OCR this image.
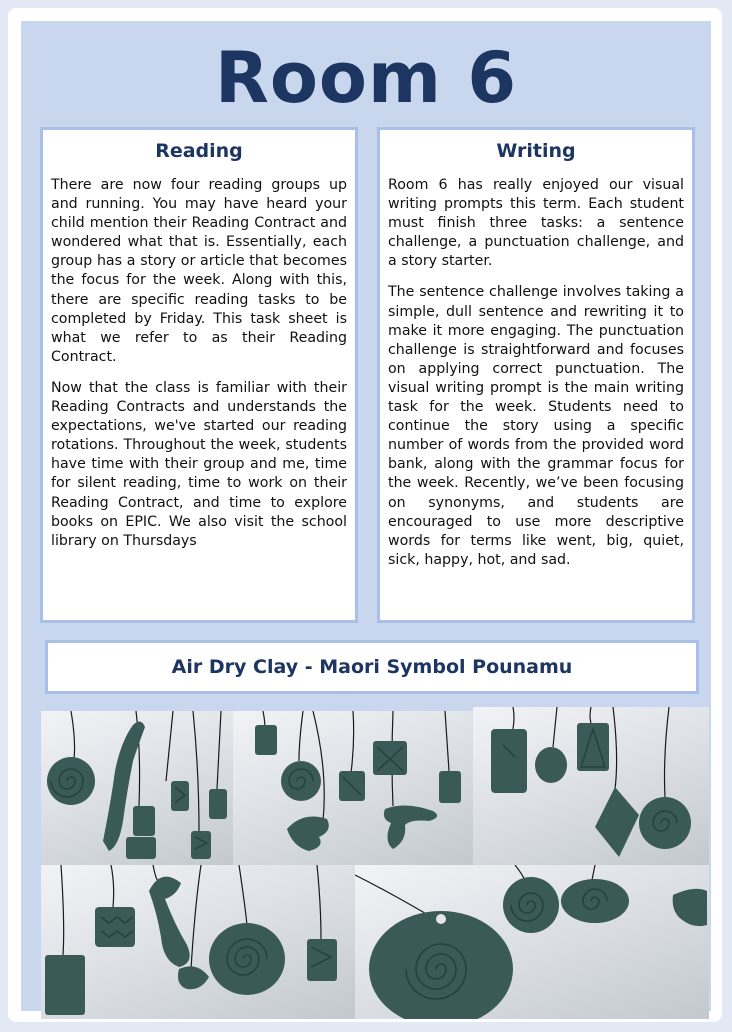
Room 6
Reading

There are now four reading groups up and running. You may have heard your child mention their Reading Contract and wondered what that is. Essentially, each group has a story or article that becomes the focus for the week. Along with this, there are specific reading tasks to be completed by Friday. This task sheet is what we refer to as their Reading Contract.

Now that the class is familiar with their Reading Contracts and understands the expectations, we've started our reading rotations. Throughout the week, students have time with their group and me, time for silent reading, time to work on their Reading Contract, and time to explore books on EPIC. We also visit the school library on Thursdays

Writing

Room 6 has really enjoyed our visual writing prompts this term. Each student must finish three tasks: a sentence challenge, a punctuation challenge, and a story starter.

The sentence challenge involves taking a simple, dull sentence and rewriting it to make it more engaging. The punctuation challenge is straightforward and focuses on applying correct punctuation. The visual writing prompt is the main writing task for the week. Students need to continue the story using a specific number of words from the provided word bank, along with the grammar focus for the week. Recently, we’ve been focusing on synonyms, and students are encouraged to use more descriptive words for terms like went, big, quiet, sick, happy, hot, and sad.

Air Dry Clay - Maori Symbol Pounamu
